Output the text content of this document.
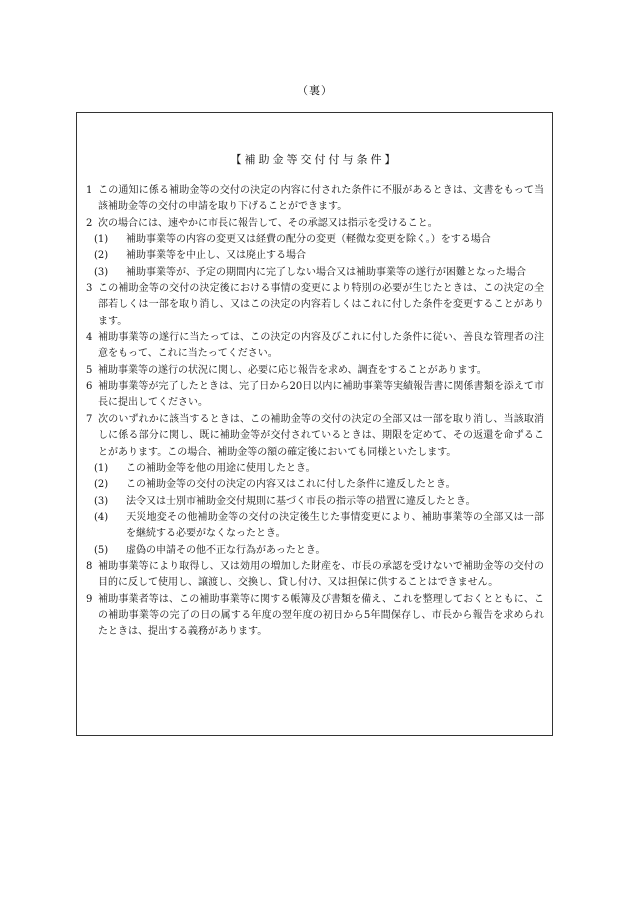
（裏）
【補助金等交付付与条件】
1 この通知に係る補助金等の交付の決定の内容に付された条件に不服があるときは、文書をもって当該補助金等の交付の申請を取り下げることができます。
2 次の場合には、速やかに市長に報告して、その承認又は指示を受けること。
(1) 補助事業等の内容の変更又は経費の配分の変更（軽微な変更を除く。）をする場合
(2) 補助事業等を中止し、又は廃止する場合
(3) 補助事業等が、予定の期間内に完了しない場合又は補助事業等の遂行が困難となった場合
3 この補助金等の交付の決定後における事情の変更により特別の必要が生じたときは、この決定の全部若しくは一部を取り消し、又はこの決定の内容若しくはこれに付した条件を変更することがあります。
4 補助事業等の遂行に当たっては、この決定の内容及びこれに付した条件に従い、善良な管理者の注意をもって、これに当たってください。
5 補助事業等の遂行の状況に関し、必要に応じ報告を求め、調査をすることがあります。
6 補助事業等が完了したときは、完了日から20日以内に補助事業等実績報告書に関係書類を添えて市長に提出してください。
7 次のいずれかに該当するときは、この補助金等の交付の決定の全部又は一部を取り消し、当該取消しに係る部分に関し、既に補助金等が交付されているときは、期限を定めて、その返還を命ずることがあります。この場合、補助金等の額の確定後においても同様といたします。
(1) この補助金等を他の用途に使用したとき。
(2) この補助金等の交付の決定の内容又はこれに付した条件に違反したとき。
(3) 法令又は士別市補助金交付規則に基づく市長の指示等の措置に違反したとき。
(4) 天災地変その他補助金等の交付の決定後生じた事情変更により、補助事業等の全部又は一部を継続する必要がなくなったとき。
(5) 虚偽の申請その他不正な行為があったとき。
8 補助事業等により取得し、又は効用の増加した財産を、市長の承認を受けないで補助金等の交付の目的に反して使用し、譲渡し、交換し、貸し付け、又は担保に供することはできません。
9 補助事業者等は、この補助事業等に関する帳簿及び書類を備え、これを整理しておくとともに、この補助事業等の完了の日の属する年度の翌年度の初日から5年間保存し、市長から報告を求められたときは、提出する義務があります。
